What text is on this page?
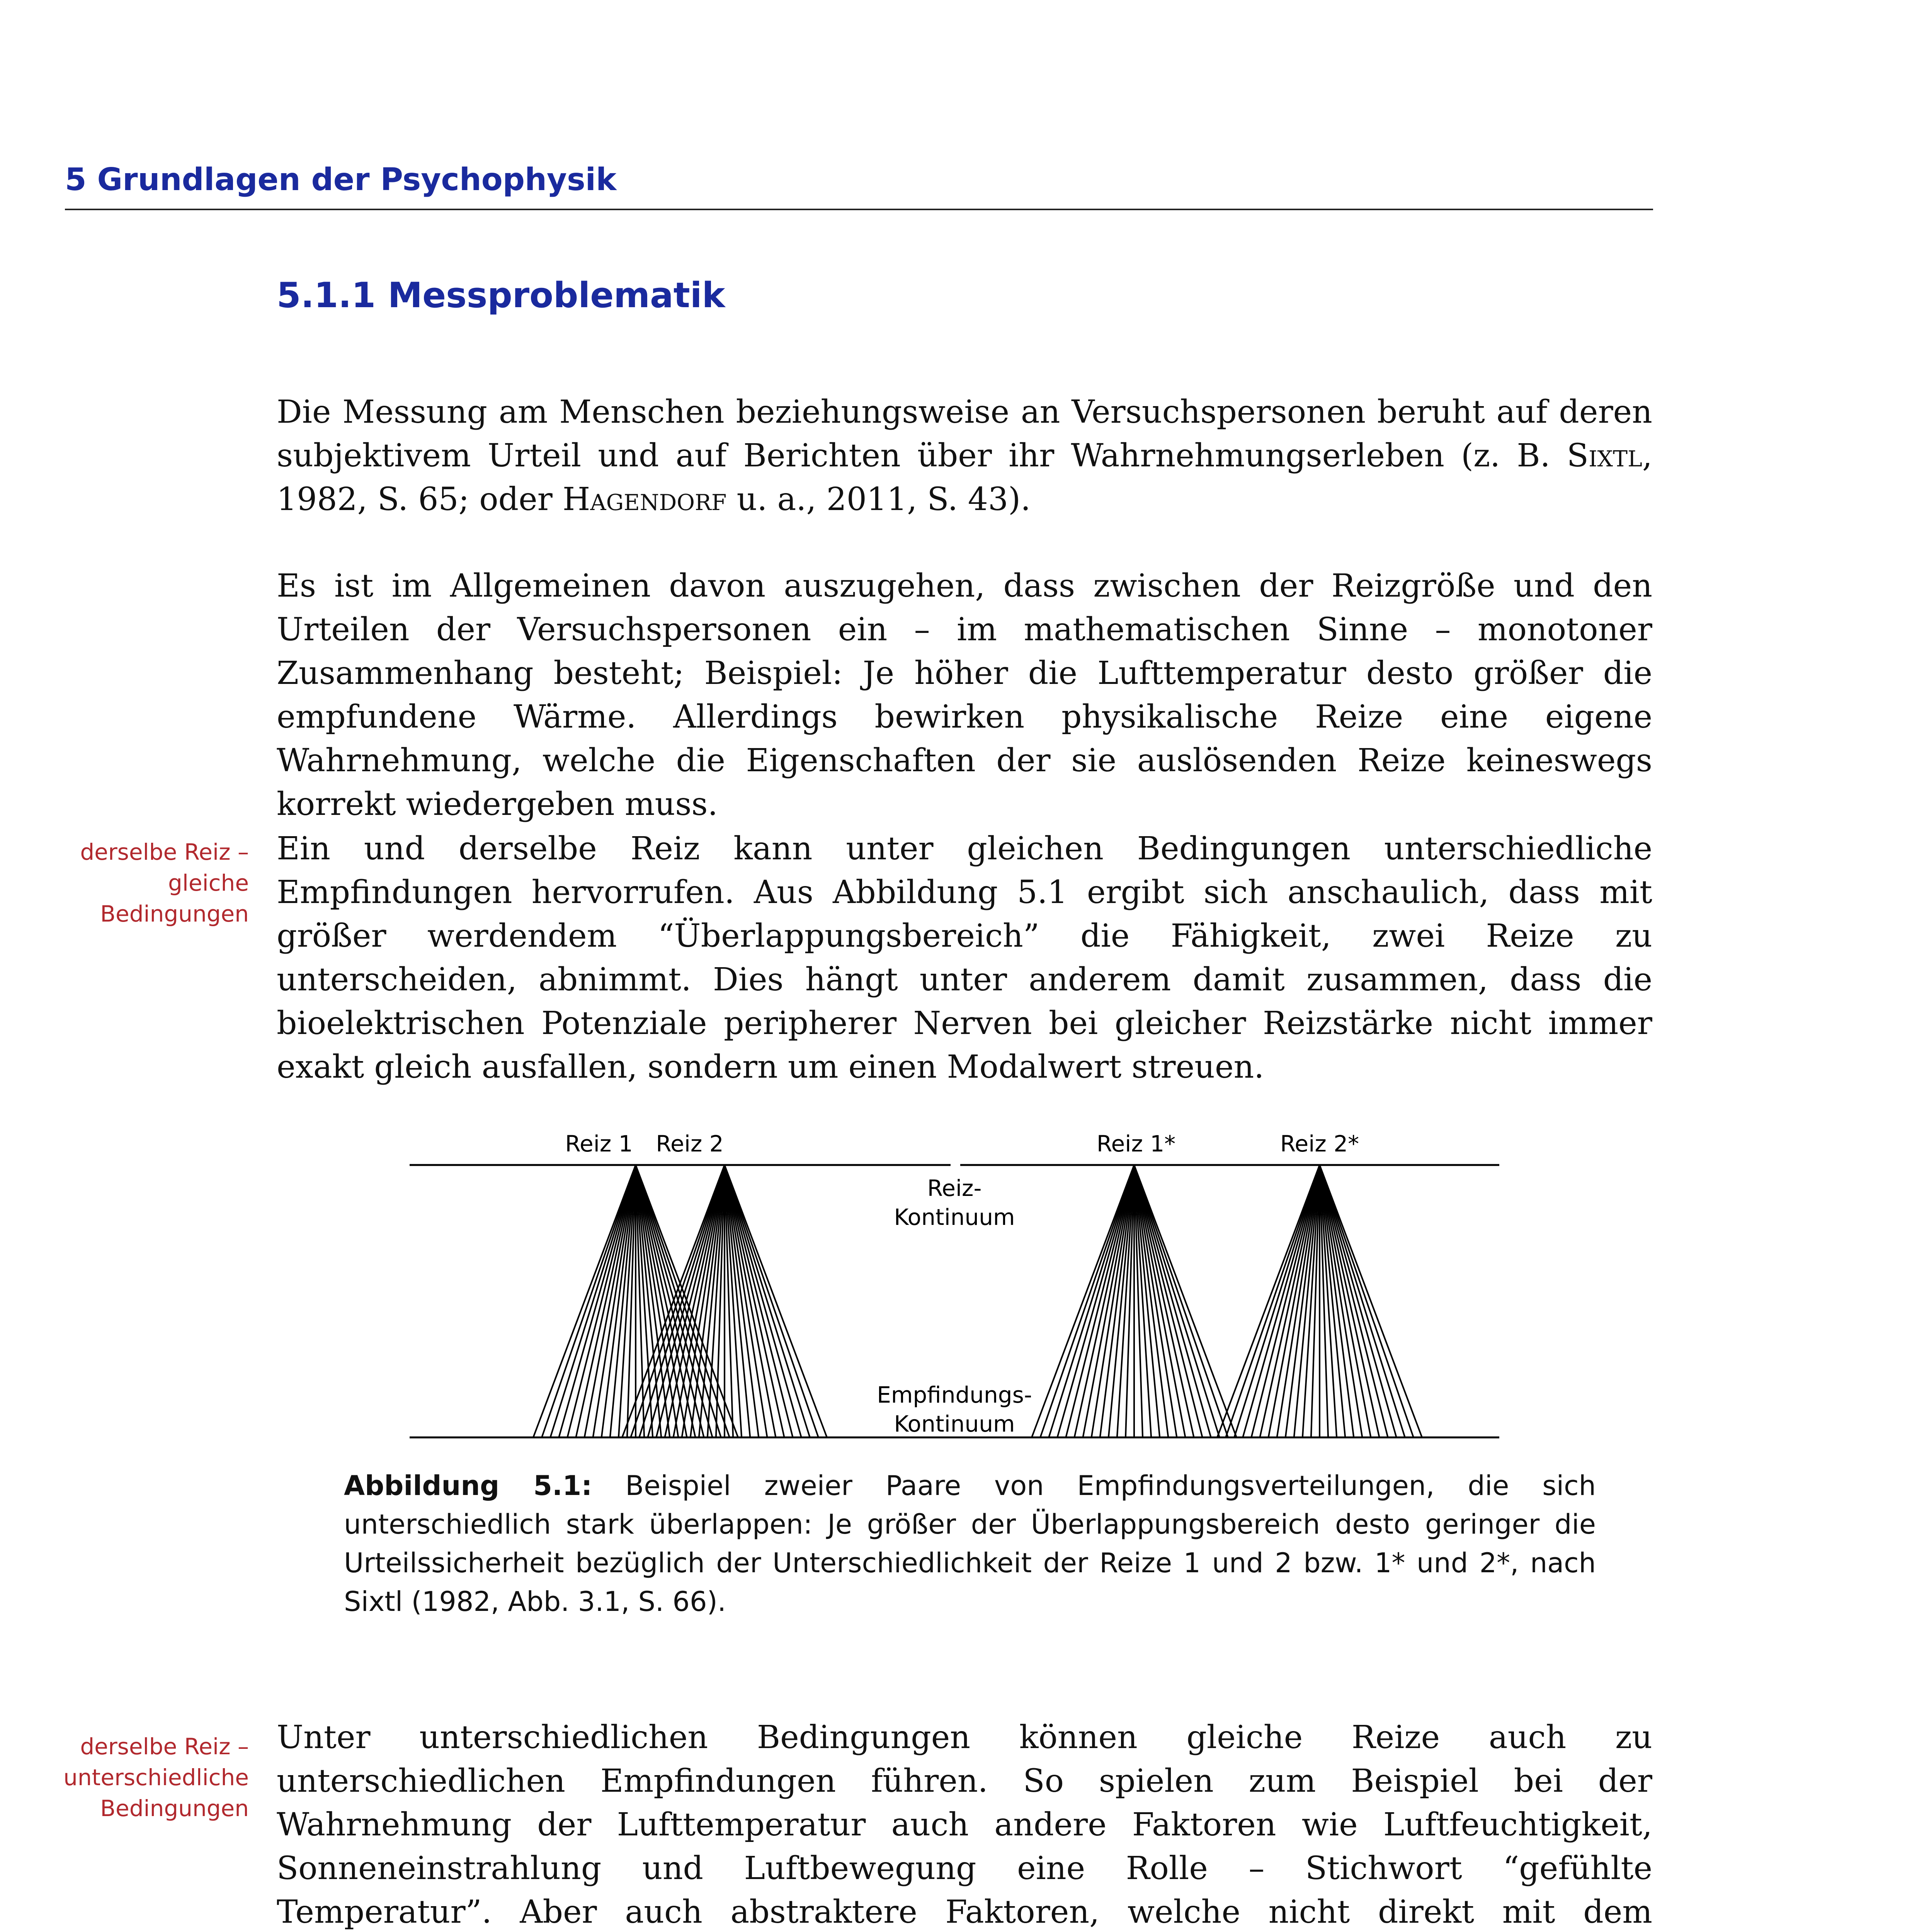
5 Grundlagen der Psychophysik
5.1.1 Messproblematik

Die Messung am Menschen beziehungsweise an Versuchspersonen beruht auf deren subjektivem Urteil und auf Berichten über ihr Wahrnehmungserleben (z. B. Sixtl, 1982, S. 65; oder Hagendorf u. a., 2011, S. 43).

Es ist im Allgemeinen davon auszugehen, dass zwischen der Reizgröße und den Urteilen der Versuchspersonen ein – im mathematischen Sinne – monotoner Zusammenhang besteht; Beispiel: Je höher die Lufttemperatur desto größer die empfundene Wärme. Allerdings bewirken physikalische Reize eine eigene Wahrnehmung, welche die Eigenschaften der sie auslösenden Reize keineswegs korrekt wiedergeben muss.

derselbe Reiz – gleiche Bedingungen

Ein und derselbe Reiz kann unter gleichen Bedingungen unterschiedliche Empfindungen hervorrufen. Aus Abbildung 5.1 ergibt sich anschaulich, dass mit größer werdendem “Überlappungsbereich” die Fähigkeit, zwei Reize zu unterscheiden, abnimmt. Dies hängt unter anderem damit zusammen, dass die bioelektrischen Potenziale peripherer Nerven bei gleicher Reizstärke nicht immer exakt gleich ausfallen, sondern um einen Modalwert streuen.

Reiz 1 Reiz 2	Reiz 1*	Reiz 2*
Reiz-
Kontinuum
Empfindungs-
Kontinuum

Abbildung 5.1: Beispiel zweier Paare von Empfindungsverteilungen, die sich unterschiedlich stark überlappen: Je größer der Überlappungsbereich desto geringer die Urteilssicherheit bezüglich der Unterschiedlichkeit der Reize 1 und 2 bzw. 1* und 2*, nach Sixtl (1982, Abb. 3.1, S. 66).

derselbe Reiz – unterschiedliche Bedingungen

Unter unterschiedlichen Bedingungen können gleiche Reize auch zu unterschiedlichen Empfindungen führen. So spielen zum Beispiel bei der Wahrnehmung der Lufttemperatur auch andere Faktoren wie Luftfeuchtigkeit, Sonneneinstrahlung und Luftbewegung eine Rolle – Stichwort “gefühlte Temperatur”. Aber auch abstraktere Faktoren, welche nicht direkt mit dem
